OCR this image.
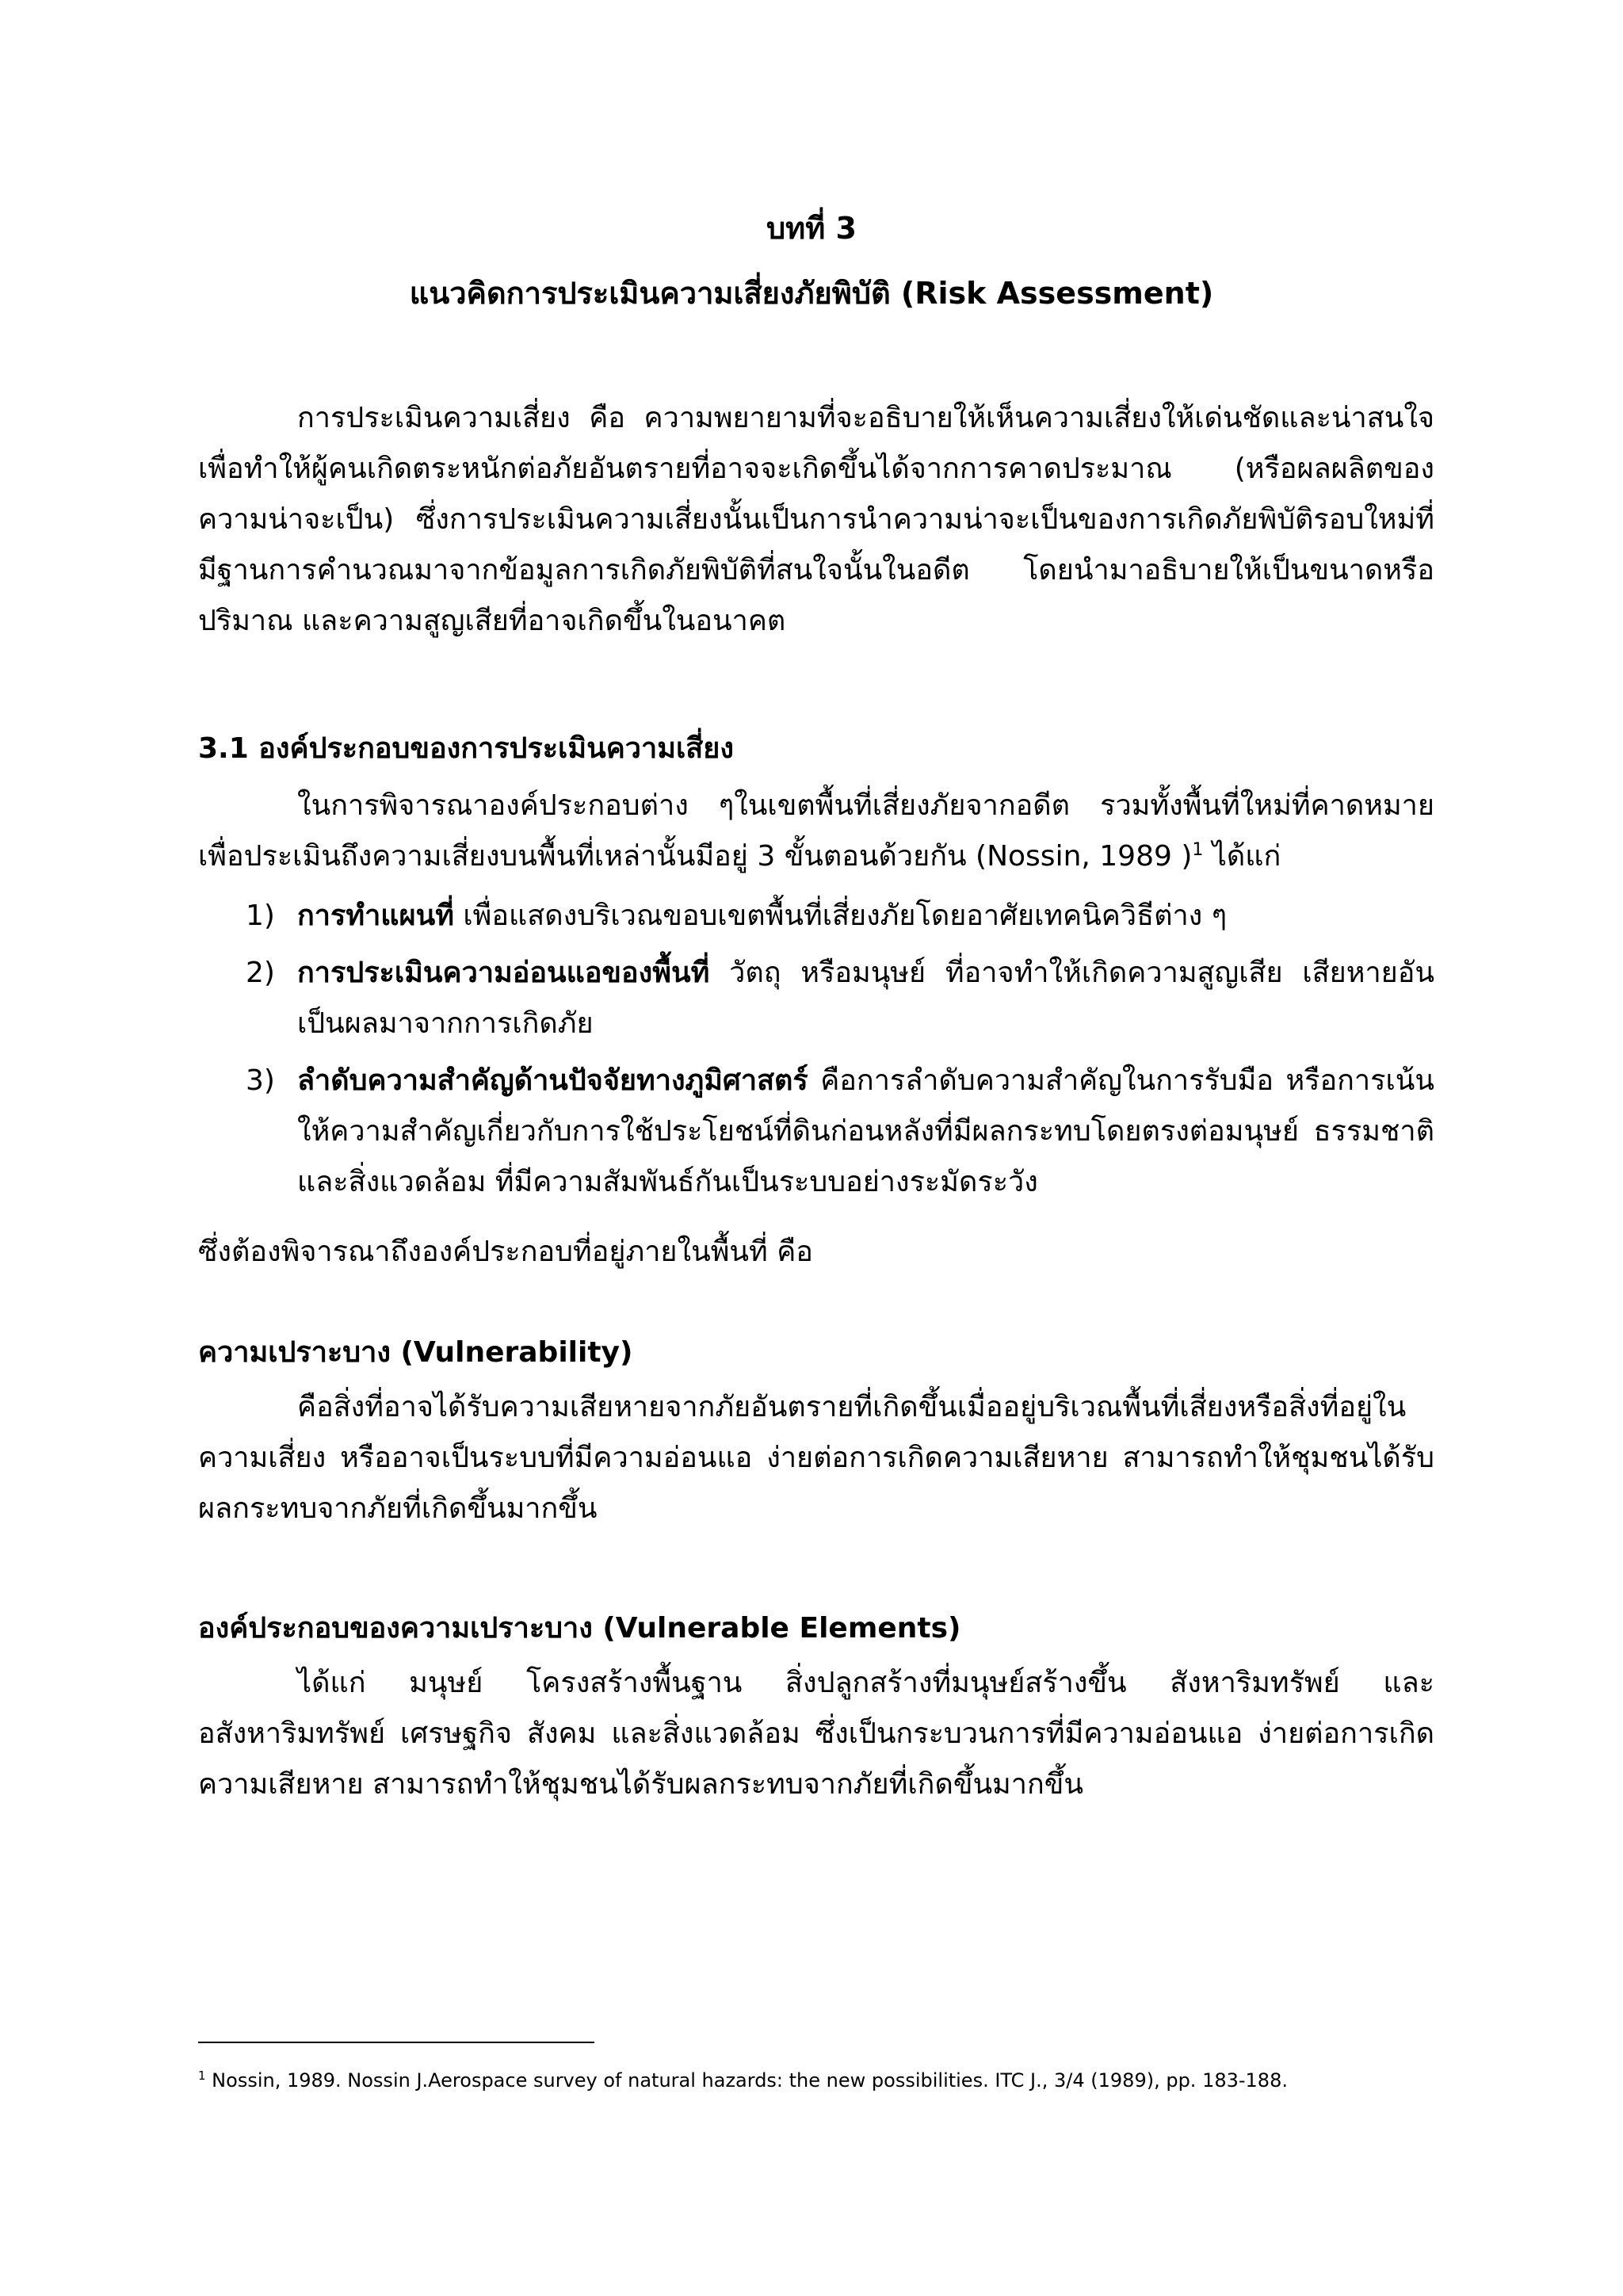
บทที่ 3
แนวคิดการประเมินความเสี่ยงภัยพิบัติ (Risk Assessment)

การประเมินความเสี่ยง คือ ความพยายามที่จะอธิบายให้เห็นความเสี่ยงให้เด่นชัดและน่าสนใจเพื่อทำให้ผู้คนเกิดตระหนักต่อภัยอันตรายที่อาจจะเกิดขึ้นได้จากการคาดประมาณ (หรือผลผลิตของความน่าจะเป็น) ซึ่งการประเมินความเสี่ยงนั้นเป็นการนำความน่าจะเป็นของการเกิดภัยพิบัติรอบใหม่ที่มีฐานการคำนวณมาจากข้อมูลการเกิดภัยพิบัติที่สนใจนั้นในอดีต โดยนำมาอธิบายให้เป็นขนาดหรือปริมาณ และความสูญเสียที่อาจเกิดขึ้นในอนาคต

3.1 องค์ประกอบของการประเมินความเสี่ยง

ในการพิจารณาองค์ประกอบต่าง ๆในเขตพื้นที่เสี่ยงภัยจากอดีต รวมทั้งพื้นที่ใหม่ที่คาดหมายเพื่อประเมินถึงความเสี่ยงบนพื้นที่เหล่านั้นมีอยู่ 3 ขั้นตอนด้วยกัน (Nossin, 1989 )$^1$ ได้แก่

1) การทำแผนที่ เพื่อแสดงบริเวณขอบเขตพื้นที่เสี่ยงภัยโดยอาศัยเทคนิควิธีต่าง ๆ
2) การประเมินความอ่อนแอของพื้นที่ วัตถุ หรือมนุษย์ ที่อาจทำให้เกิดความสูญเสีย เสียหายอันเป็นผลมาจากการเกิดภัย
3) ลำดับความสำคัญด้านปัจจัยทางภูมิศาสตร์ คือการลำดับความสำคัญในการรับมือ หรือการเน้นให้ความสำคัญเกี่ยวกับการใช้ประโยชน์ที่ดินก่อนหลังที่มีผลกระทบโดยตรงต่อมนุษย์ ธรรมชาติ และสิ่งแวดล้อม ที่มีความสัมพันธ์กันเป็นระบบอย่างระมัดระวัง

ซึ่งต้องพิจารณาถึงองค์ประกอบที่อยู่ภายในพื้นที่ คือ

ความเปราะบาง (Vulnerability)

คือสิ่งที่อาจได้รับความเสียหายจากภัยอันตรายที่เกิดขึ้นเมื่ออยู่บริเวณพื้นที่เสี่ยงหรือสิ่งที่อยู่ในความเสี่ยง หรืออาจเป็นระบบที่มีความอ่อนแอ ง่ายต่อการเกิดความเสียหาย สามารถทำให้ชุมชนได้รับผลกระทบจากภัยที่เกิดขึ้นมากขึ้น

องค์ประกอบของความเปราะบาง (Vulnerable Elements)

ได้แก่ มนุษย์ โครงสร้างพื้นฐาน สิ่งปลูกสร้างที่มนุษย์สร้างขึ้น สังหาริมทรัพย์ และอสังหาริมทรัพย์ เศรษฐกิจ สังคม และสิ่งแวดล้อม ซึ่งเป็นกระบวนการที่มีความอ่อนแอ ง่ายต่อการเกิดความเสียหาย สามารถทำให้ชุมชนได้รับผลกระทบจากภัยที่เกิดขึ้นมากขึ้น

$^1$ Nossin, 1989. Nossin J.Aerospace survey of natural hazards: the new possibilities. ITC J., 3/4 (1989), pp. 183-188.
